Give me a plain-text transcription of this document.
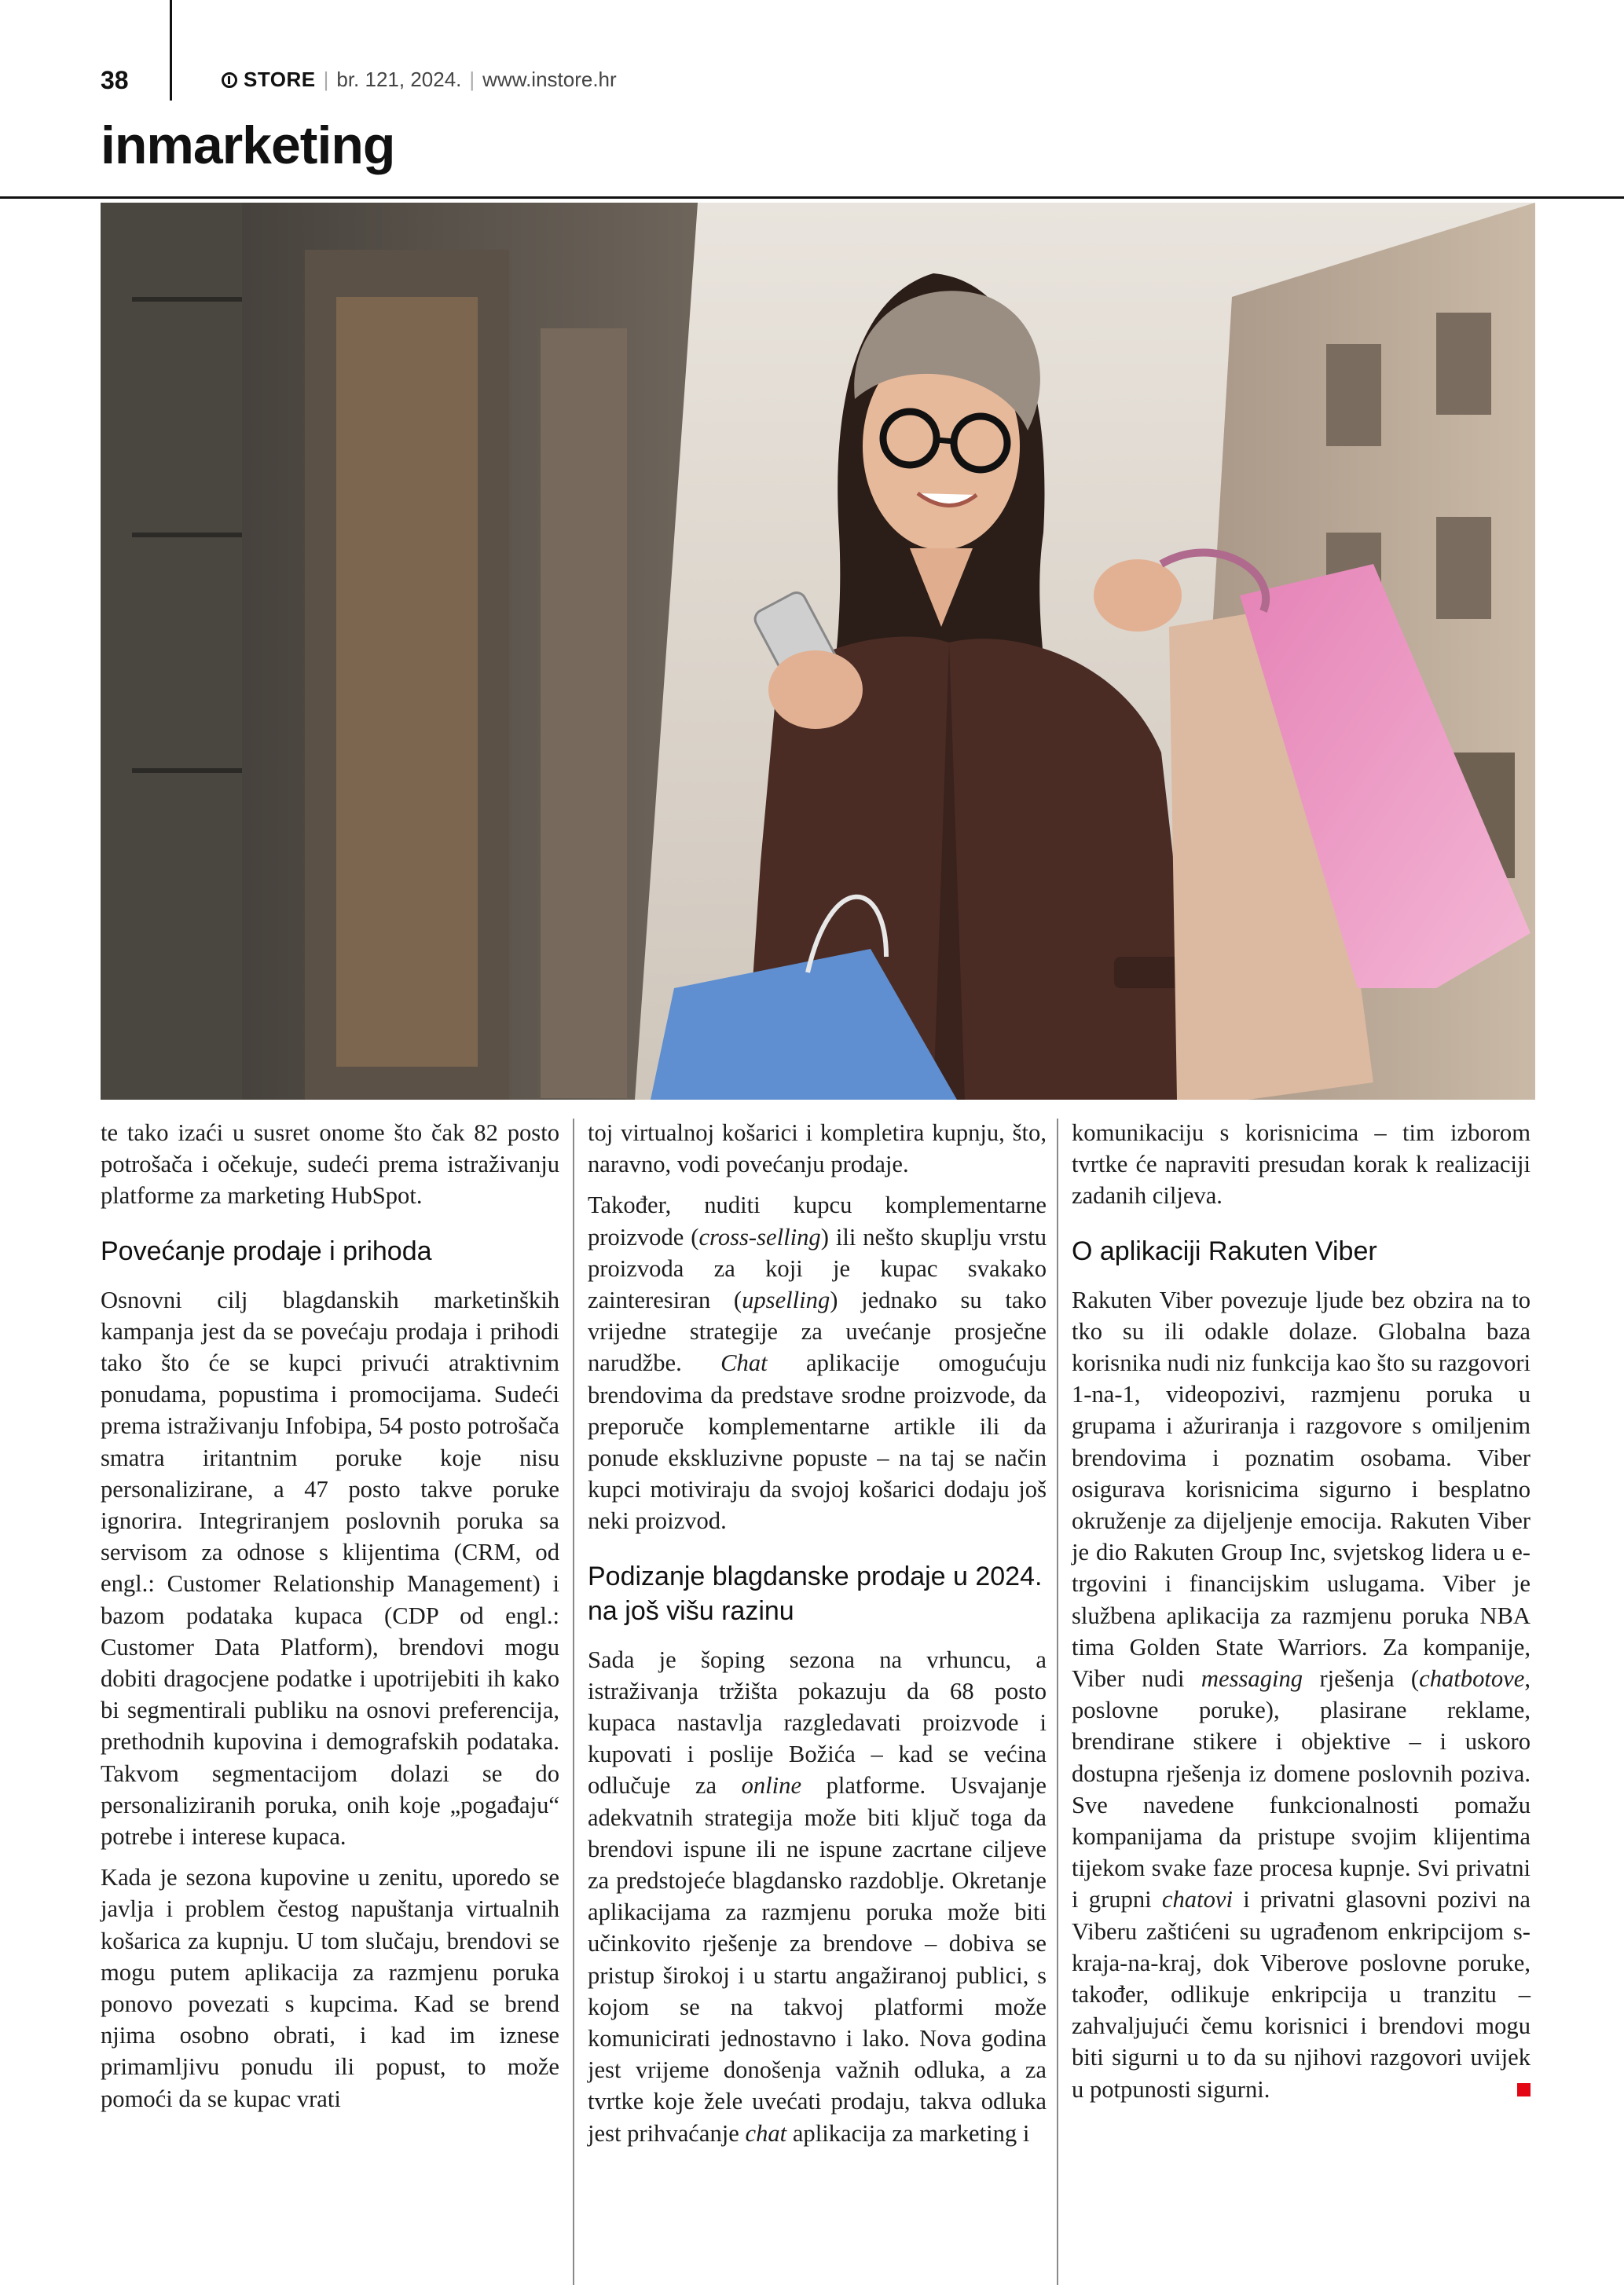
38	STORE | br. 121, 2024. | www.instore.hr
inmarketing

te tako izaći u susret onome što čak 82 posto potrošača i očekuje, sudeći prema istraživanju platforme za marketing HubSpot.

Povećanje prodaje i prihoda

Osnovni cilj blagdanskih marketinških kampanja jest da se povećaju prodaja i prihodi tako što će se kupci privući atraktivnim ponudama, popustima i promocijama. Sudeći prema istraživanju Infobipa, 54 posto potrošača smatra iritantnim poruke koje nisu personalizirane, a 47 posto takve poruke ignorira. Integriranjem poslovnih poruka sa servisom za odnose s klijentima (CRM, od engl.: Customer Relationship Management) i bazom podataka kupaca (CDP od engl.: Customer Data Platform), brendovi mogu dobiti dragocjene podatke i upotrijebiti ih kako bi segmentirali publiku na osnovi preferencija, prethodnih kupovina i demografskih podataka. Takvom segmentacijom dolazi se do personaliziranih poruka, onih koje „pogađaju“ potrebe i interese kupaca.

Kada je sezona kupovine u zenitu, uporedo se javlja i problem čestog napuštanja virtualnih košarica za kupnju. U tom slučaju, brendovi se mogu putem aplikacija za razmjenu poruka ponovo povezati s kupcima. Kad se brend njima osobno obrati, i kad im iznese primamljivu ponudu ili popust, to može pomoći da se kupac vrati

toj virtualnoj košarici i kompletira kupnju, što, naravno, vodi povećanju prodaje.

Također, nuditi kupcu komplementarne proizvode (cross-selling) ili nešto skuplju vrstu proizvoda za koji je kupac svakako zainteresiran (upselling) jednako su tako vrijedne strategije za uvećanje prosječne narudžbe. Chat aplikacije omogućuju brendovima da predstave srodne proizvode, da preporuče komplementarne artikle ili da ponude ekskluzivne popuste – na taj se način kupci motiviraju da svojoj košarici dodaju još neki proizvod.

Podizanje blagdanske prodaje u 2024. na još višu razinu

Sada je šoping sezona na vrhuncu, a istraživanja tržišta pokazuju da 68 posto kupaca nastavlja razgledavati proizvode i kupovati i poslije Božića – kad se većina odlučuje za online platforme. Usvajanje adekvatnih strategija može biti ključ toga da brendovi ispune ili ne ispune zacrtane ciljeve za predstojeće blagdansko razdoblje. Okretanje aplikacijama za razmjenu poruka može biti učinkovito rješenje za brendove – dobiva se pristup širokoj i u startu angažiranoj publici, s kojom se na takvoj platformi može komunicirati jednostavno i lako. Nova godina jest vrijeme donošenja važnih odluka, a za tvrtke koje žele uvećati prodaju, takva odluka jest prihvaćanje chat aplikacija za marketing i

komunikaciju s korisnicima – tim izborom tvrtke će napraviti presudan korak k realizaciji zadanih ciljeva.

O aplikaciji Rakuten Viber

Rakuten Viber povezuje ljude bez obzira na to tko su ili odakle dolaze. Globalna baza korisnika nudi niz funkcija kao što su razgovori 1-na-1, videopozivi, razmjenu poruka u grupama i ažuriranja i razgovore s omiljenim brendovima i poznatim osobama. Viber osigurava korisnicima sigurno i besplatno okruženje za dijeljenje emocija. Rakuten Viber je dio Rakuten Group Inc, svjetskog lidera u e-trgovini i financijskim uslugama. Viber je službena aplikacija za razmjenu poruka NBA tima Golden State Warriors. Za kompanije, Viber nudi messaging rješenja (chatbotove, poslovne poruke), plasirane reklame, brendirane stikere i objektive – i uskoro dostupna rješenja iz domene poslovnih poziva. Sve navedene funkcionalnosti pomažu kompanijama da pristupe svojim klijentima tijekom svake faze procesa kupnje. Svi privatni i grupni chatovi i privatni glasovni pozivi na Viberu zaštićeni su ugrađenom enkripcijom s-kraja-na-kraj, dok Viberove poslovne poruke, također, odlikuje enkripcija u tranzitu – zahvaljujući čemu korisnici i brendovi mogu biti sigurni u to da su njihovi razgovori uvijek u potpunosti sigurni.
